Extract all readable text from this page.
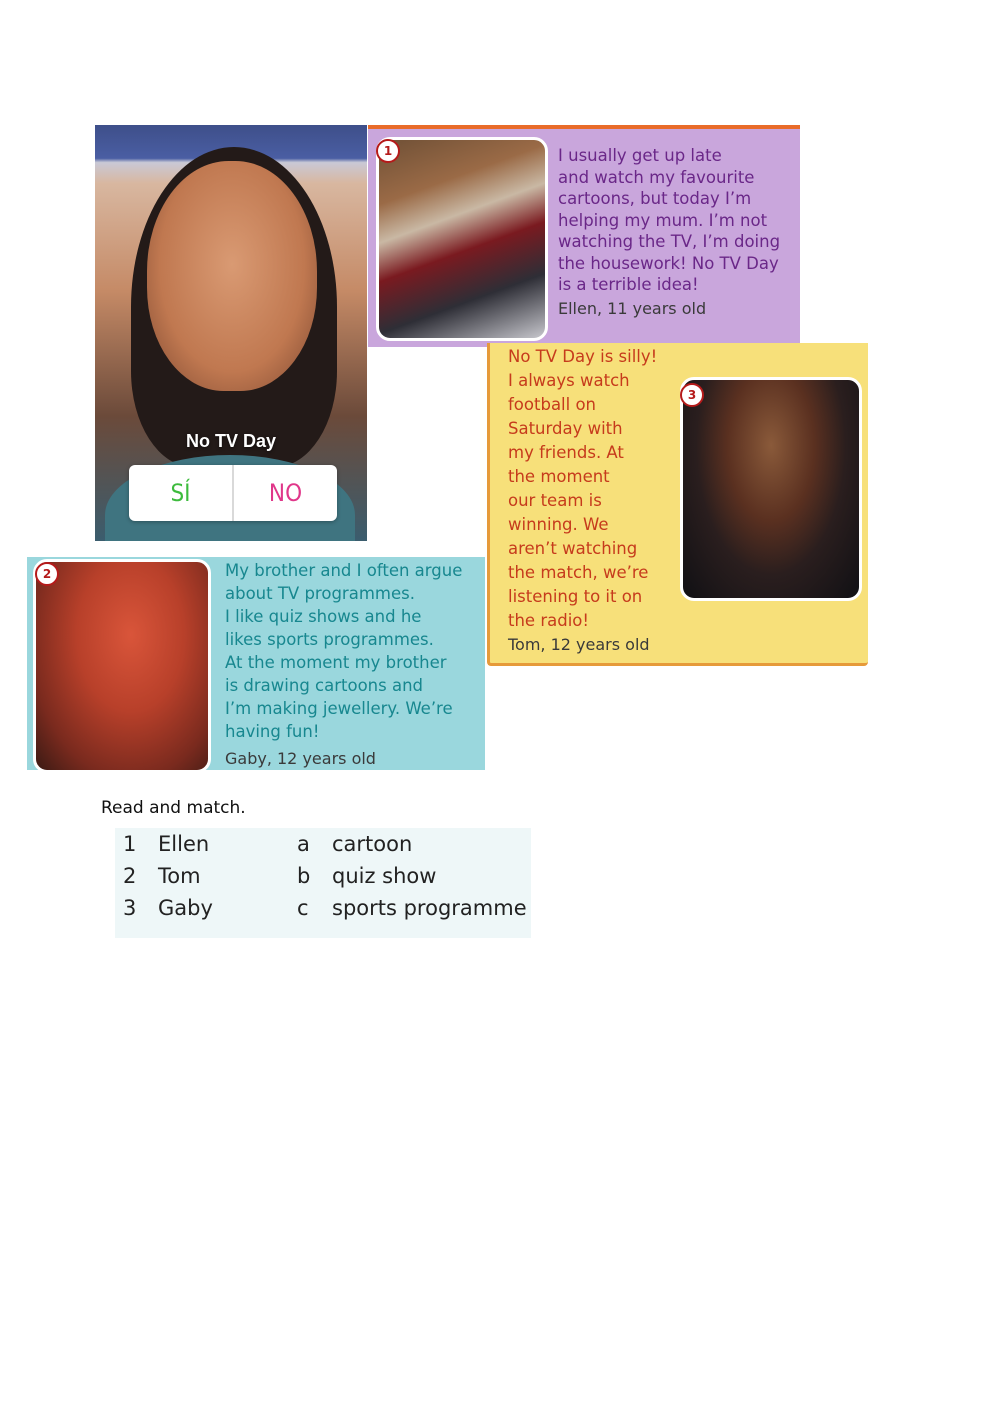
No TV Day
SÍ	NO
1	I usually get up late

and watch my favourite

cartoons, but today I’m

helping my mum. I’m not

watching the TV, I’m doing

the housework! No TV Day

is a terrible idea!

Ellen, 11 years old

No TV Day is silly!

I always watch

football on

Saturday with

my friends. At

the moment

our team is

winning. We

aren’t watching

the match, we’re

listening to it on

the radio!

3
Tom, 12 years old
2	My brother and I often argue

about TV programmes.

I like quiz shows and he

likes sports programmes.

At the moment my brother

is drawing cartoons and

I’m making jewellery. We’re

having fun!

Gaby, 12 years old
Read and match.
1 Ellen	a cartoon
2 Tom	b quiz show
3 Gaby	c sports programme
